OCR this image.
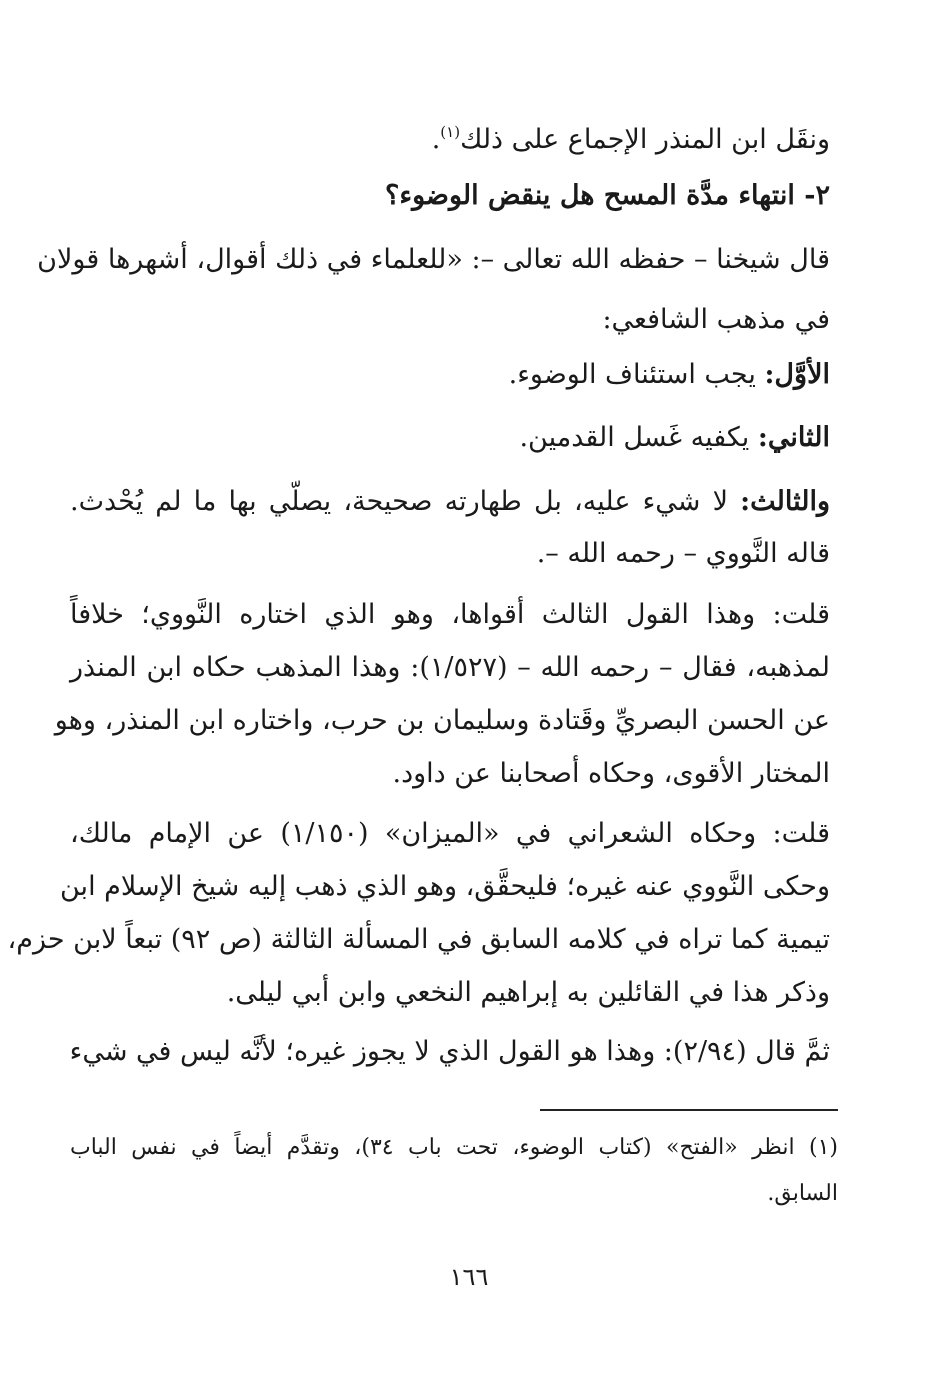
ونقَل ابن المنذر الإجماع على ذلك$^{(١)}$.
٢- انتهاء مدَّة المسح هل ينقض الوضوء؟
قال شيخنا – حفظه الله تعالى –: «للعلماء في ذلك أقوال، أشهرها قولان
في مذهب الشافعي:
الأوَّل: يجب استئناف الوضوء.
الثاني: يكفيه غَسل القدمين.
والثالث: لا شيء عليه، بل طهارته صحيحة، يصلّي بها ما لم يُحْدث.
قاله النَّووي – رحمه الله –.
قلت: وهذا القول الثالث أقواها، وهو الذي اختاره النَّووي؛ خلافاً
لمذهبه، فقال – رحمه الله – (١/٥٢٧): وهذا المذهب حكاه ابن المنذر
عن الحسن البصريِّ وقَتادة وسليمان بن حرب، واختاره ابن المنذر، وهو
المختار الأقوى، وحكاه أصحابنا عن داود.
قلت: وحكاه الشعراني في «الميزان» (١/١٥٠) عن الإمام مالك،
وحكى النَّووي عنه غيره؛ فليحقَّق، وهو الذي ذهب إليه شيخ الإسلام ابن
تيمية كما تراه في كلامه السابق في المسألة الثالثة (ص ٩٢) تبعاً لابن حزم،
وذكر هذا في القائلين به إبراهيم النخعي وابن أبي ليلى.
ثمَّ قال (٢/٩٤): وهذا هو القول الذي لا يجوز غيره؛ لأنَّه ليس في شيء
(١) انظر «الفتح» (كتاب الوضوء، تحت باب ٣٤)، وتقدَّم أيضاً في نفس الباب
السابق.
١٦٦
